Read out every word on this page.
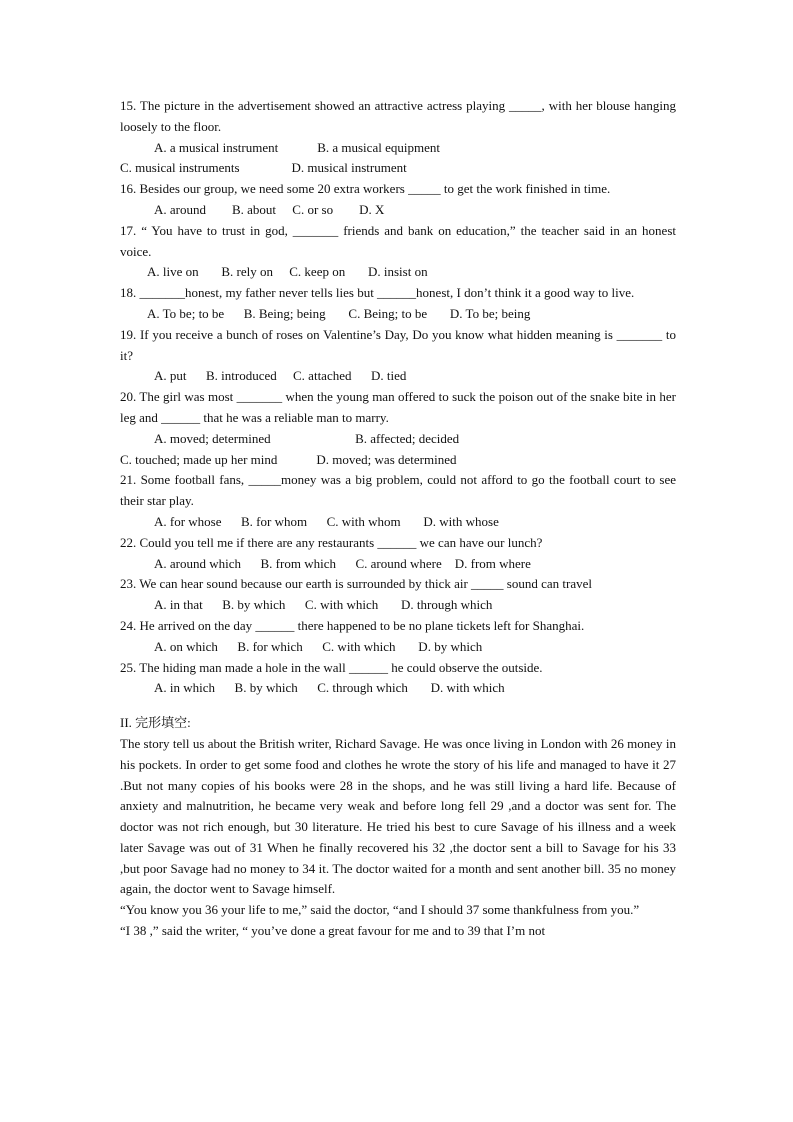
15. The picture in the advertisement showed an attractive actress playing _____, with her blouse hanging loosely to the floor.

A. a musical instrument            B. a musical equipment
C. musical instruments                D. musical instrument

16. Besides our group, we need some 20 extra workers _____ to get the work finished in time.

A. around        B. about     C. or so        D. X

17. “ You have to trust in god, _______ friends and bank on education,” the teacher said in an honest voice.

A. live on       B. rely on     C. keep on       D. insist on

18. _______honest, my father never tells lies but ______honest, I don’t think it a good way to live.

A. To be; to be      B. Being; being       C. Being; to be       D. To be; being

19. If you receive a bunch of roses on Valentine’s Day, Do you know what hidden meaning is _______ to it?

A. put      B. introduced     C. attached      D. tied

20. The girl was most _______ when the young man offered to suck the poison out of the snake bite in her leg and ______ that he was a reliable man to marry.

A. moved; determined                          B. affected; decided
C. touched; made up her mind            D. moved; was determined

21. Some football fans, _____money was a big problem, could not afford to go the football court to see their star play.

A. for whose      B. for whom      C. with whom       D. with whose

22. Could you tell me if there are any restaurants ______ we can have our lunch?

A. around which      B. from which      C. around where    D. from where

23. We can hear sound because our earth is surrounded by thick air _____ sound can travel

A. in that      B. by which      C. with which       D. through which

24. He arrived on the day ______ there happened to be no plane tickets left for Shanghai.

A. on which      B. for which      C. with which       D. by which

25. The hiding man made a hole in the wall ______ he could observe the outside.

A. in which      B. by which      C. through which       D. with which
II. 完形填空:

The story tell us about the British writer, Richard Savage. He was once living in London with 26 money in his pockets. In order to get some food and clothes he wrote the story of his life and managed to have it 27 .But not many copies of his books were 28 in the shops, and he was still living a hard life. Because of anxiety and malnutrition, he became very weak and before long fell 29 ,and a doctor was sent for. The doctor was not rich enough, but 30 literature. He tried his best to cure Savage of his illness and a week later Savage was out of 31 When he finally recovered his 32 ,the doctor sent a bill to Savage for his 33 ,but poor Savage had no money to 34 it. The doctor waited for a month and sent another bill. 35 no money again, the doctor went to Savage himself.

“You know you 36 your life to me,” said the doctor, “and I should 37 some thankfulness from you.”

“I 38 ,” said the writer, “ you’ve done a great favour for me and to 39 that I’m not
